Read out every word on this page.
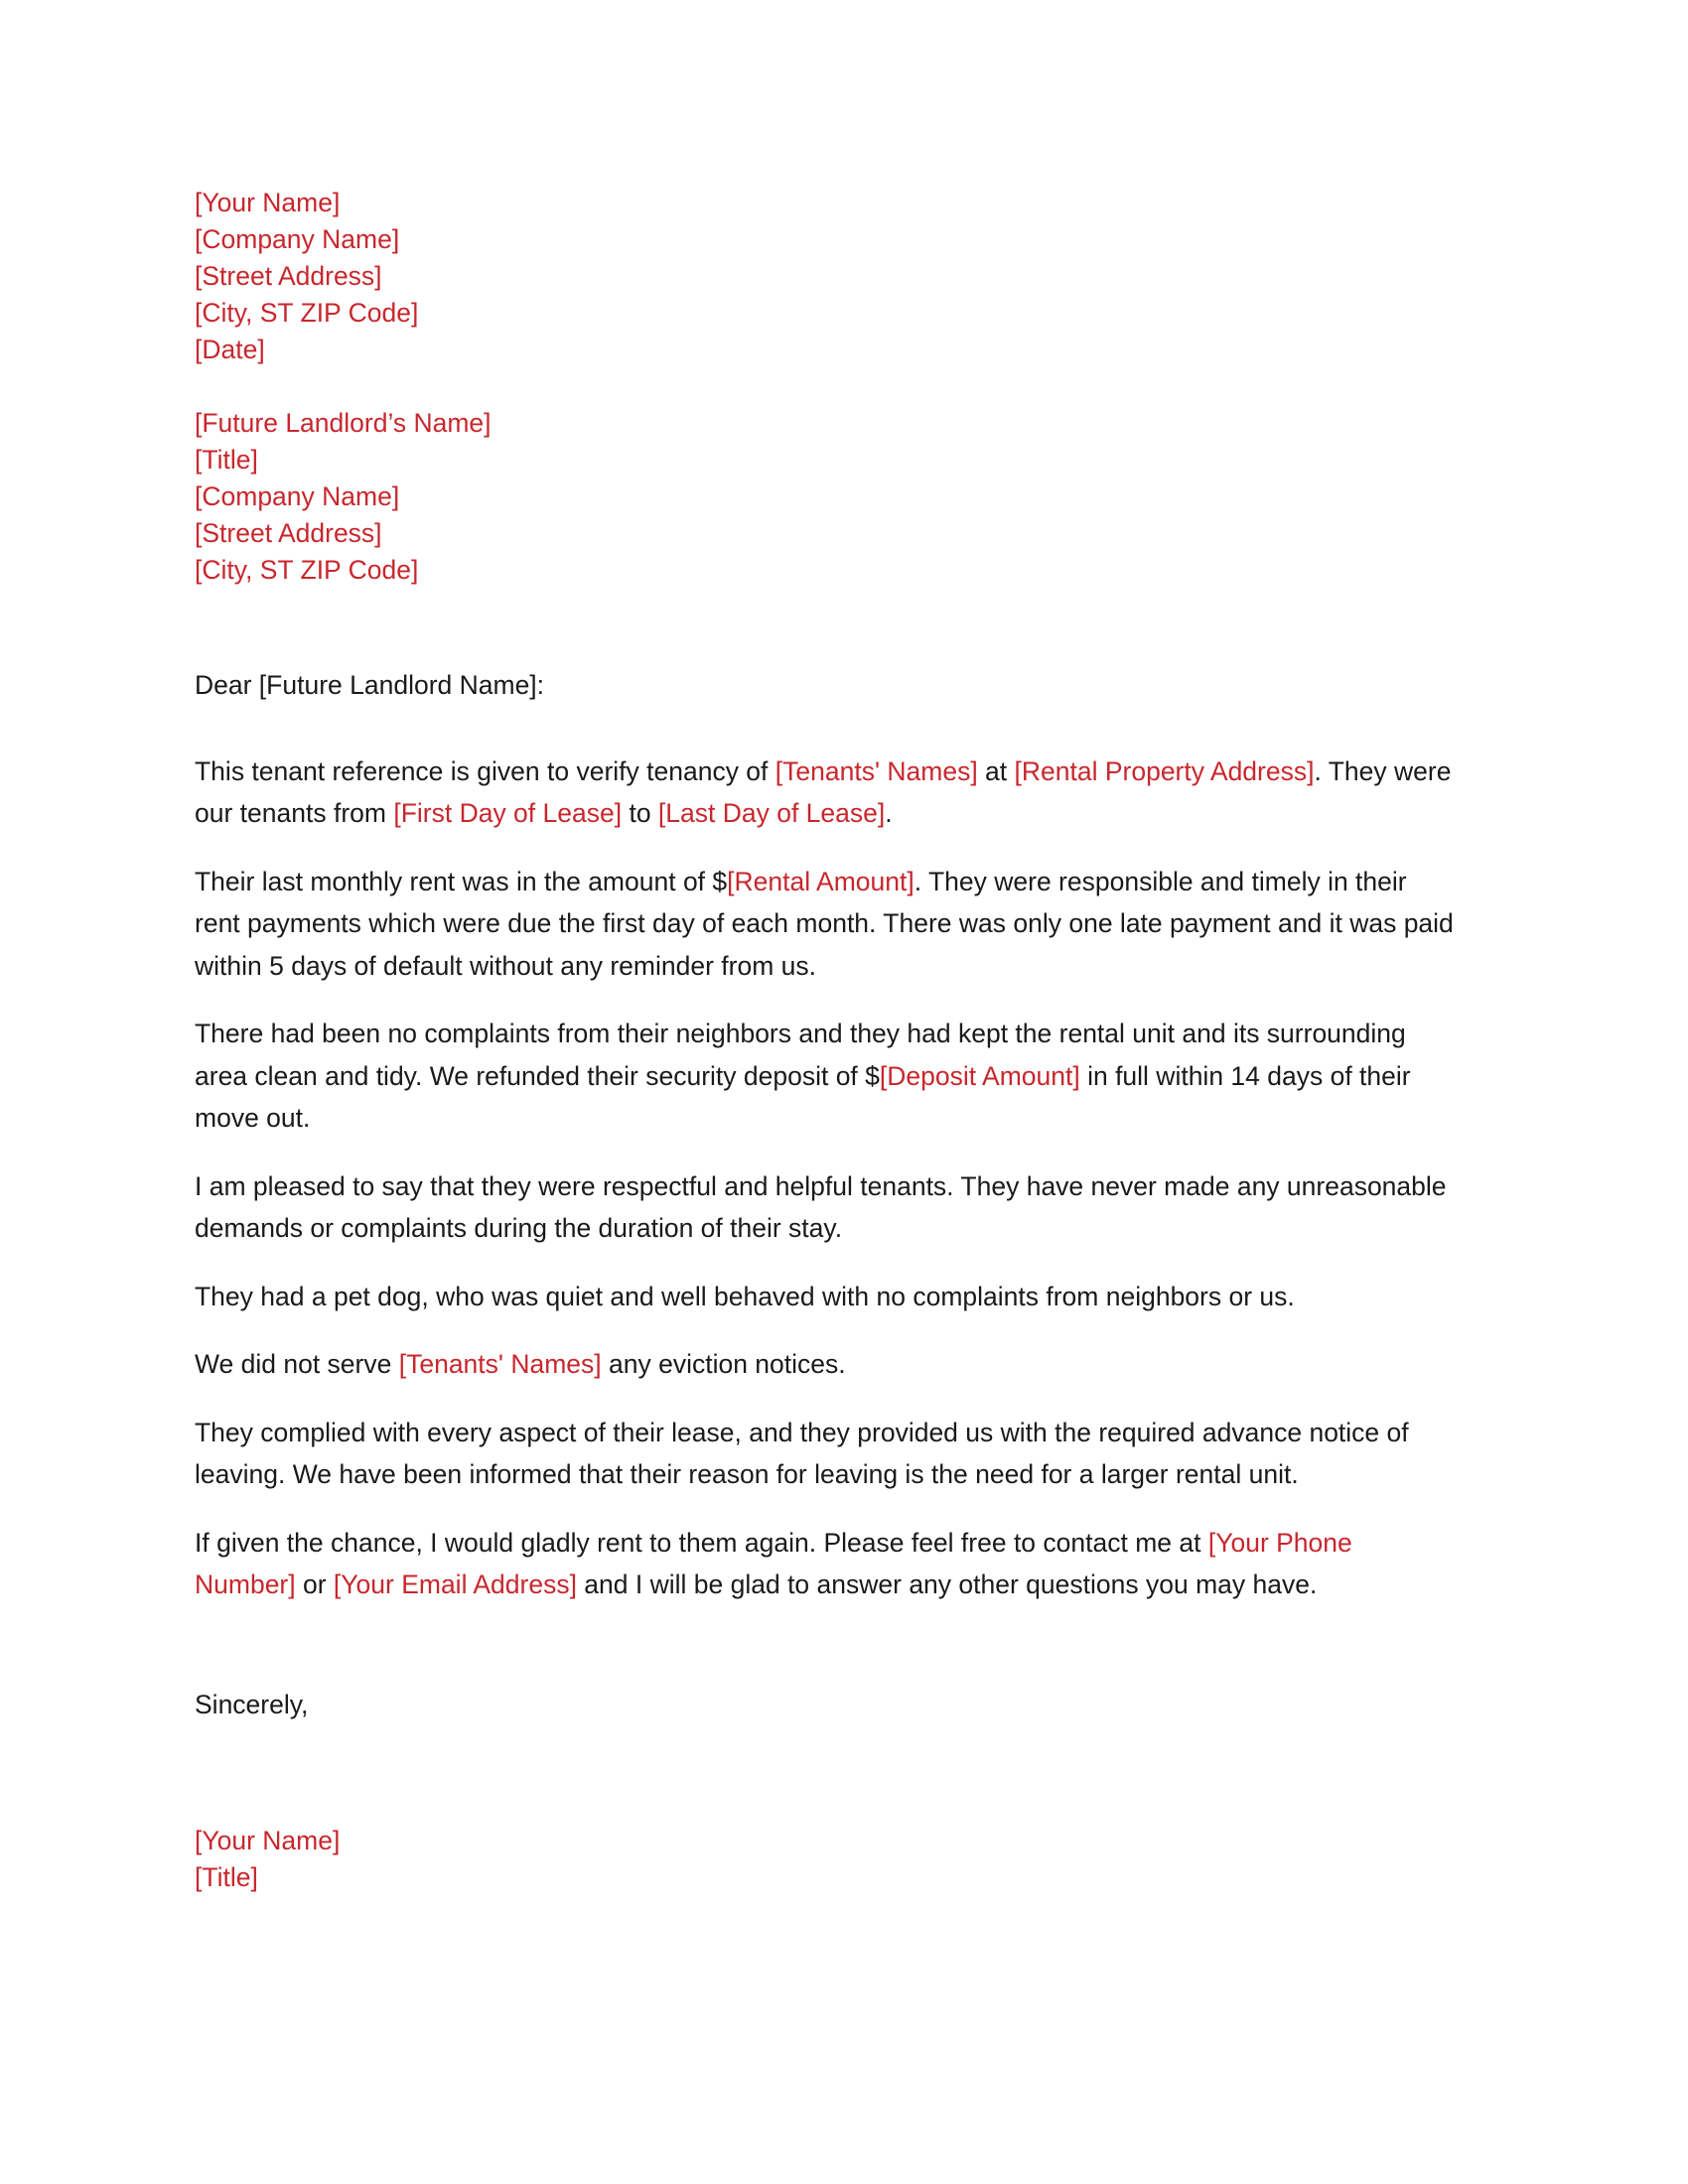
[Your Name]
[Company Name]
[Street Address]
[City, ST ZIP Code]
[Date]
[Future Landlord’s Name]
[Title]
[Company Name]
[Street Address]
[City, ST ZIP Code]

Dear [Future Landlord Name]:

This tenant reference is given to verify tenancy of [Tenants' Names] at [Rental Property Address]. They were our tenants from [First Day of Lease] to [Last Day of Lease].

Their last monthly rent was in the amount of $[Rental Amount]. They were responsible and timely in their rent payments which were due the first day of each month. There was only one late payment and it was paid within 5 days of default without any reminder from us.

There had been no complaints from their neighbors and they had kept the rental unit and its surrounding area clean and tidy. We refunded their security deposit of $[Deposit Amount] in full within 14 days of their move out.

I am pleased to say that they were respectful and helpful tenants. They have never made any unreasonable demands or complaints during the duration of their stay.

They had a pet dog, who was quiet and well behaved with no complaints from neighbors or us.

We did not serve [Tenants' Names] any eviction notices.

They complied with every aspect of their lease, and they provided us with the required advance notice of leaving. We have been informed that their reason for leaving is the need for a larger rental unit.

If given the chance, I would gladly rent to them again. Please feel free to contact me at [Your Phone Number] or [Your Email Address] and I will be glad to answer any other questions you may have.

Sincerely,

[Your Name]
[Title]
